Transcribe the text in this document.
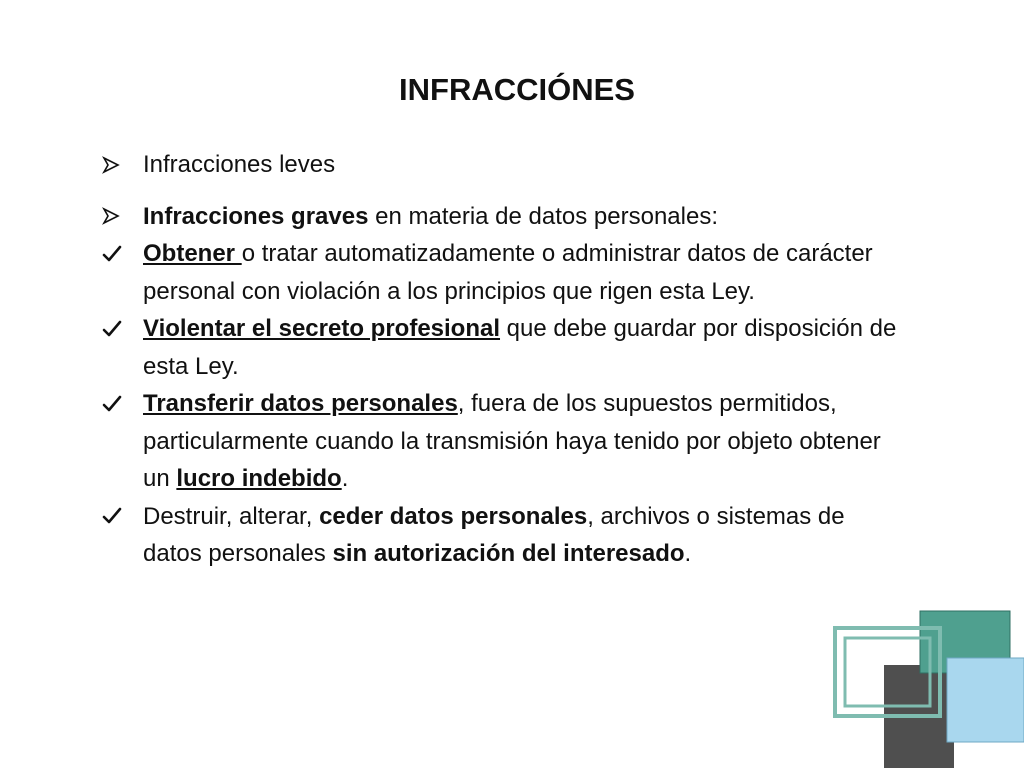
INFRACCIÓNES
Infracciones leves
Infracciones graves en materia de datos personales:
Obtener o tratar automatizadamente o administrar datos de carácter personal con violación a los principios que rigen esta Ley.
Violentar el secreto profesional que debe guardar por disposición de esta Ley.
Transferir datos personales, fuera de los supuestos permitidos, particularmente cuando la transmisión haya tenido por objeto obtener un lucro indebido.
Destruir, alterar, ceder datos personales, archivos o sistemas de datos personales sin autorización del interesado.
